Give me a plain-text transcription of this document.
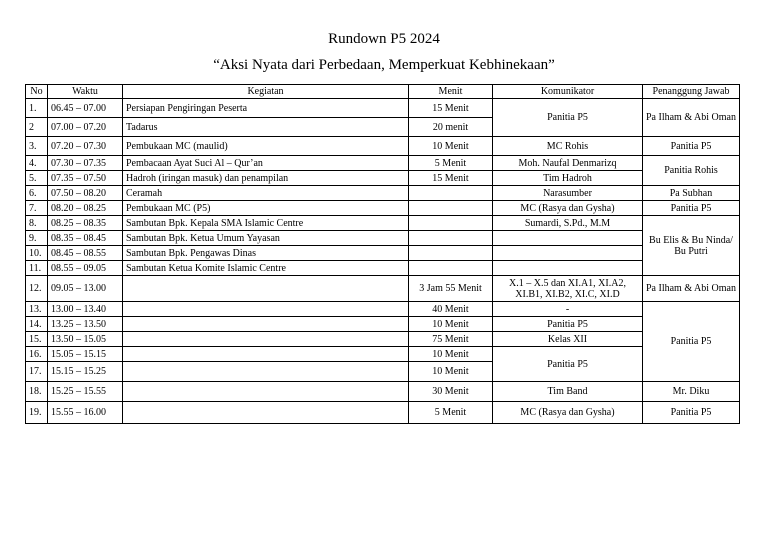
Rundown P5 2024
“Aksi Nyata dari Perbedaan, Memperkuat Kebhinekaan”
No	Waktu	Kegiatan	Menit	Komunikator	Penanggung Jawab
1.	06.45 – 07.00	Persiapan Pengiringan Peserta	15 Menit	Panitia P5	Pa Ilham & Abi Oman
2	07.00 – 07.20	Tadarus	20 menit		
3.	07.20 – 07.30	Pembukaan MC (maulid)	10 Menit	MC Rohis	Panitia P5
4.	07.30 – 07.35	Pembacaan Ayat Suci Al – Qur’an	5 Menit	Moh. Naufal Denmarizq	Panitia Rohis
5.	07.35 – 07.50	Hadroh (iringan masuk) dan penampilan	15 Menit	Tim Hadroh	
6.	07.50 – 08.20	Ceramah		Narasumber	Pa Subhan
7.	08.20 – 08.25	Pembukaan MC (P5)		MC (Rasya dan Gysha)	Panitia P5
8.	08.25 – 08.35	Sambutan Bpk. Kepala SMA Islamic Centre		Sumardi, S.Pd., M.M	Bu Elis & Bu Ninda/ Bu Putri
9.	08.35 – 08.45	Sambutan Bpk. Ketua Umum Yayasan			
10.	08.45 – 08.55	Sambutan Bpk. Pengawas Dinas			
11.	08.55 – 09.05	Sambutan Ketua Komite Islamic Centre			
12.	09.05 – 13.00		3 Jam 55 Menit	X.1 – X.5 dan XI.A1, XI.A2, XI.B1, XI.B2, XI.C, XI.D	Pa Ilham & Abi Oman
13.	13.00 – 13.40		40 Menit	-	Panitia P5
14.	13.25 – 13.50		10 Menit	Panitia P5	
15.	13.50 – 15.05		75 Menit	Kelas XII	
16.	15.05 – 15.15		10 Menit	Panitia P5	
17.	15.15 – 15.25		10 Menit		
18.	15.25 – 15.55		30 Menit	Tim Band	Mr. Diku
19.	15.55 – 16.00		5 Menit	MC (Rasya dan Gysha)	Panitia P5
